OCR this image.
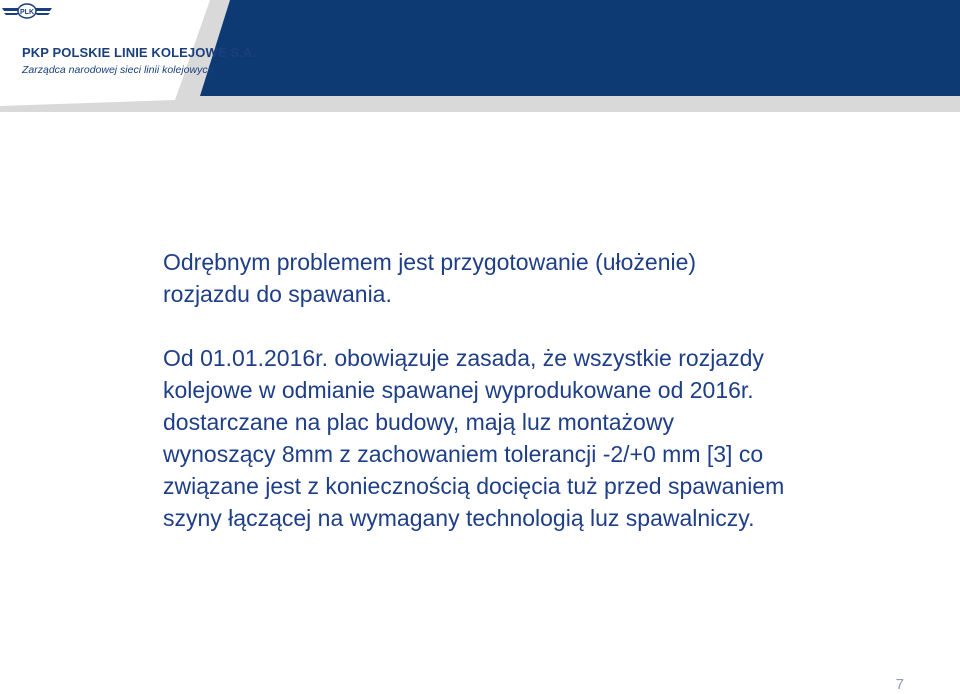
PLK
PKP POLSKIE LINIE KOLEJOWE S.A.
Zarządca narodowej sieci linii kolejowych

Odrębnym problemem jest przygotowanie (ułożenie)
rozjazdu do spawania.

Od 01.01.2016r. obowiązuje zasada, że wszystkie rozjazdy
kolejowe w odmianie spawanej wyprodukowane od 2016r.
dostarczane na plac budowy, mają luz montażowy
wynoszący 8mm z zachowaniem tolerancji -2/+0 mm [3] co
związane jest z koniecznością docięcia tuż przed spawaniem
szyny łączącej na wymagany technologią luz spawalniczy.

7
